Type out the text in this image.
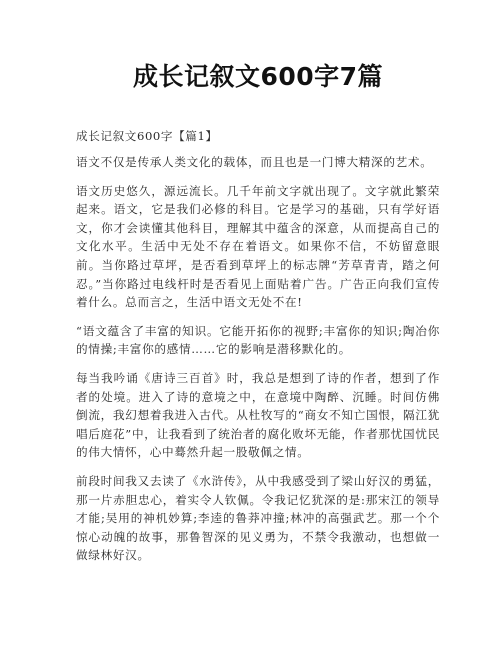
成长记叙文600字7篇
成长记叙文600字【篇1】

语文不仅是传承人类文化的载体，而且也是一门博大精深的艺术。

语文历史悠久，源远流长。几千年前文字就出现了。文字就此繁荣起来。语文，它是我们必修的科目。它是学习的基础，只有学好语文，你才会读懂其他科目，理解其中蕴含的深意，从而提高自己的文化水平。生活中无处不存在着语文。如果你不信，不妨留意眼前。当你路过草坪，是否看到草坪上的标志牌“芳草青青，踏之何忍。”当你路过电线杆时是否看见上面贴着广告。广告正向我们宣传着什么。总而言之，生活中语文无处不在!

“语文蕴含了丰富的知识。它能开拓你的视野;丰富你的知识;陶冶你的情操;丰富你的感情……它的影响是潜移默化的。

每当我吟诵《唐诗三百首》时，我总是想到了诗的作者，想到了作者的处境。进入了诗的意境之中，在意境中陶醉、沉睡。时间仿佛倒流，我幻想着我进入古代。从杜牧写的“商女不知亡国恨，隔江犹唱后庭花”中，让我看到了统治者的腐化败坏无能，作者那忧国忧民的伟大情怀，心中蓦然升起一股敬佩之情。

前段时间我又去读了《水浒传》，从中我感受到了梁山好汉的勇猛，那一片赤胆忠心，着实令人钦佩。令我记忆犹深的是:那宋江的领导才能;吴用的神机妙算;李逵的鲁莽冲撞;林冲的高强武艺。那一个个惊心动魄的故事，那鲁智深的见义勇为，不禁令我激动，也想做一做绿林好汉。
